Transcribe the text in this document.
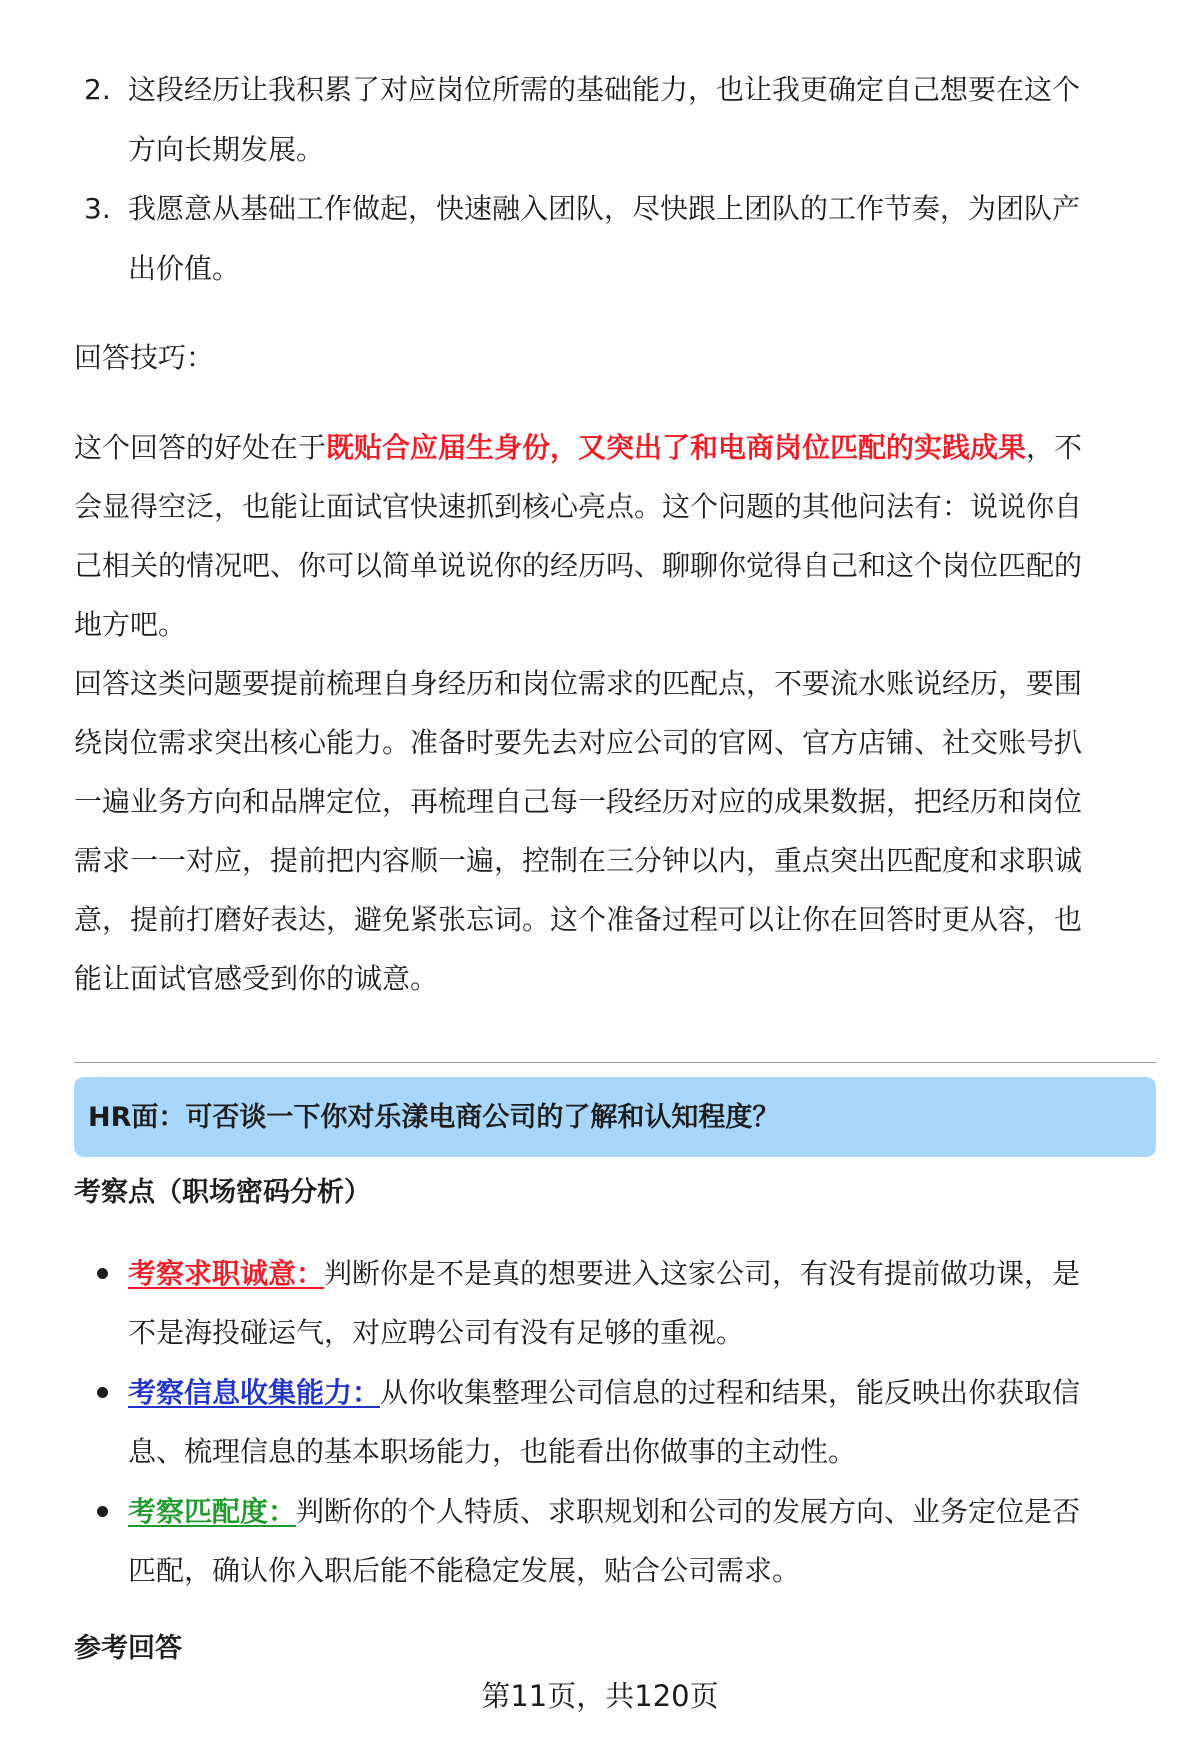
2. 这段经历让我积累了对应岗位所需的基础能力，也让我更确定自己想要在这个
方向长期发展。
3. 我愿意从基础工作做起，快速融入团队，尽快跟上团队的工作节奏，为团队产
出价值。
回答技巧：
这个回答的好处在于既贴合应届生身份，又突出了和电商岗位匹配的实践成果，不
会显得空泛，也能让面试官快速抓到核心亮点。这个问题的其他问法有：说说你自
己相关的情况吧、你可以简单说说你的经历吗、聊聊你觉得自己和这个岗位匹配的
地方吧。
回答这类问题要提前梳理自身经历和岗位需求的匹配点，不要流水账说经历，要围
绕岗位需求突出核心能力。准备时要先去对应公司的官网、官方店铺、社交账号扒
一遍业务方向和品牌定位，再梳理自己每一段经历对应的成果数据，把经历和岗位
需求一一对应，提前把内容顺一遍，控制在三分钟以内，重点突出匹配度和求职诚
意，提前打磨好表达，避免紧张忘词。这个准备过程可以让你在回答时更从容，也
能让面试官感受到你的诚意。
HR面：可否谈一下你对乐漾电商公司的了解和认知程度？
考察点（职场密码分析）
考察求职诚意：判断你是不是真的想要进入这家公司，有没有提前做功课，是
不是海投碰运气，对应聘公司有没有足够的重视。
考察信息收集能力：从你收集整理公司信息的过程和结果，能反映出你获取信
息、梳理信息的基本职场能力，也能看出你做事的主动性。
考察匹配度：判断你的个人特质、求职规划和公司的发展方向、业务定位是否
匹配，确认你入职后能不能稳定发展，贴合公司需求。
参考回答
第11页，共120页
